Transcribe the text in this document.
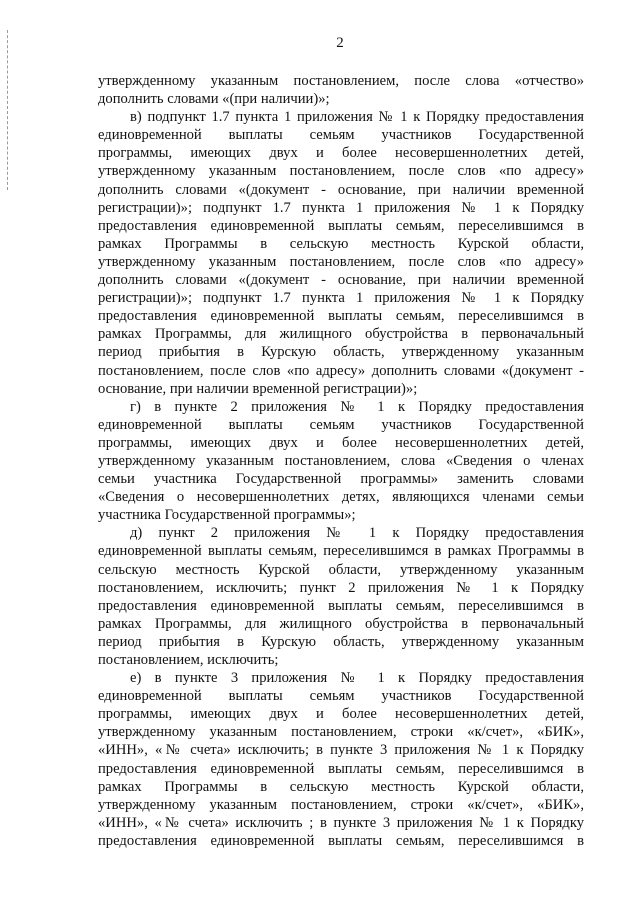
2
утвержденному указанным постановлением, после слова «отчество»
дополнить словами «(при наличии)»;
в) подпункт 1.7 пункта 1 приложения № 1 к Порядку предоставления
единовременной выплаты семьям участников Государственной
программы, имеющих двух и более несовершеннолетних детей,
утвержденному указанным постановлением, после слов «по адресу»
дополнить словами «(документ - основание, при наличии временной
регистрации)»; подпункт 1.7 пункта 1 приложения № 1 к Порядку
предоставления единовременной выплаты семьям, переселившимся в
рамках Программы в сельскую местность Курской области,
утвержденному указанным постановлением, после слов «по адресу»
дополнить словами «(документ - основание, при наличии временной
регистрации)»; подпункт 1.7 пункта 1 приложения № 1 к Порядку
предоставления единовременной выплаты семьям, переселившимся в
рамках Программы, для жилищного обустройства в первоначальный
период прибытия в Курскую область, утвержденному указанным
постановлением, после слов «по адресу» дополнить словами «(документ -
основание, при наличии временной регистрации)»;
г) в пункте 2 приложения № 1 к Порядку предоставления
единовременной выплаты семьям участников Государственной
программы, имеющих двух и более несовершеннолетних детей,
утвержденному указанным постановлением, слова «Сведения о членах
семьи участника Государственной программы» заменить словами
«Сведения о несовершеннолетних детях, являющихся членами семьи
участника Государственной программы»;
д) пункт 2 приложения № 1 к Порядку предоставления
единовременной выплаты семьям, переселившимся в рамках Программы в
сельскую местность Курской области, утвержденному указанным
постановлением, исключить; пункт 2 приложения № 1 к Порядку
предоставления единовременной выплаты семьям, переселившимся в
рамках Программы, для жилищного обустройства в первоначальный
период прибытия в Курскую область, утвержденному указанным
постановлением, исключить;
е) в пункте 3 приложения № 1 к Порядку предоставления
единовременной выплаты семьям участников Государственной
программы, имеющих двух и более несовершеннолетних детей,
утвержденному указанным постановлением, строки «к/счет», «БИК»,
«ИНН», «№ счета» исключить; в пункте 3 приложения № 1 к Порядку
предоставления единовременной выплаты семьям, переселившимся в
рамках Программы в сельскую местность Курской области,
утвержденному указанным постановлением, строки «к/счет», «БИК»,
«ИНН», «№ счета» исключить ; в пункте 3 приложения № 1 к Порядку
предоставления единовременной выплаты семьям, переселившимся в
